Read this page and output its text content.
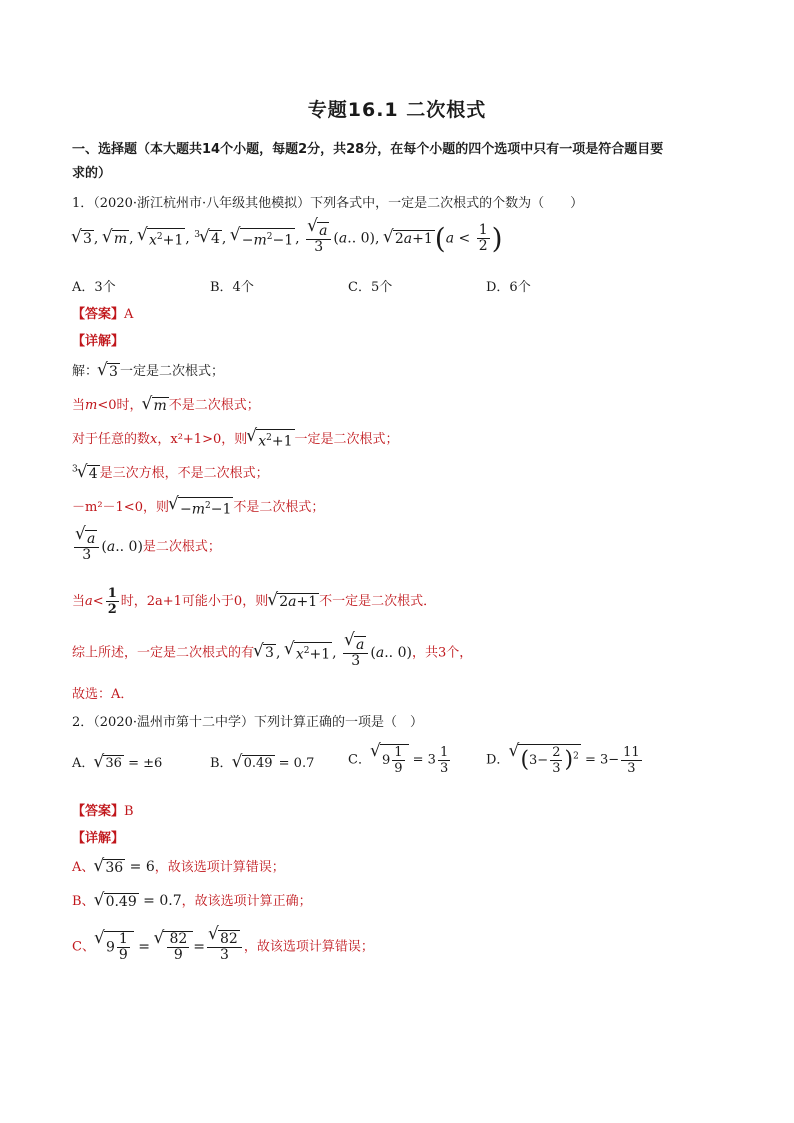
专题16.1 二次根式
一、选择题（本大题共14个小题，每题2分，共28分，在每个小题的四个选项中只有一项是符合题目要
求的）
1．（2020·浙江杭州市·八年级其他模拟）下列各式中，一定是二次根式的个数为（　　）
√ 3 , √ m , √ $x^2+1$ , $^3$ √ 4 , √ $-m^2-1$ , √ $\frac{a}{3} (a$.. 0), √ $2a+1(a < \frac{1}{2}$ )
A．3个	B．4个	C．5个	D．6个
【答案】A
【详解】
解： √ 3 一定是二次根式；
当m<0时， √ m 不是二次根式；
对于任意的数x，x²+1>0，则 √ $x^2+1$ 一定是二次根式；
$^3$ √ 4 是三次方根，不是二次根式；
－m²－1<0，则 √ $-m^2-1$ 不是二次根式；
√ $\frac{a}{3} (a$.. 0)是二次根式；
当$a< \frac{1}{2}$ 时，2a+1可能小于0，则 √ 2a+1 不一定是二次根式．
综上所述，一定是二次根式的有 √ 3 , √ $x^2+1$ , √ $\frac{a}{3} (a$.. 0)，共3个，
故选：A．
2．（2020·温州市第十二中学）下列计算正确的一项是（　）
A． √ 36 = ±6	B． √ 0.49 = 0.7	C． √ $9 \frac{1}{9} = 3 \frac{1}{3}$	D． √ $(3- \frac{2}{3} )^2 = 3- \frac{11}{3}$
【答案】B
【详解】
A、 √ 36 = 6，故该选项计算错误；
B、 √ 0.49 = 0.7，故该选项计算正确；
C、 √ $9 \frac{1}{9}$ = √ $\frac{82}{9}$ = √ $\frac{82}{3}$ ，故该选项计算错误；
